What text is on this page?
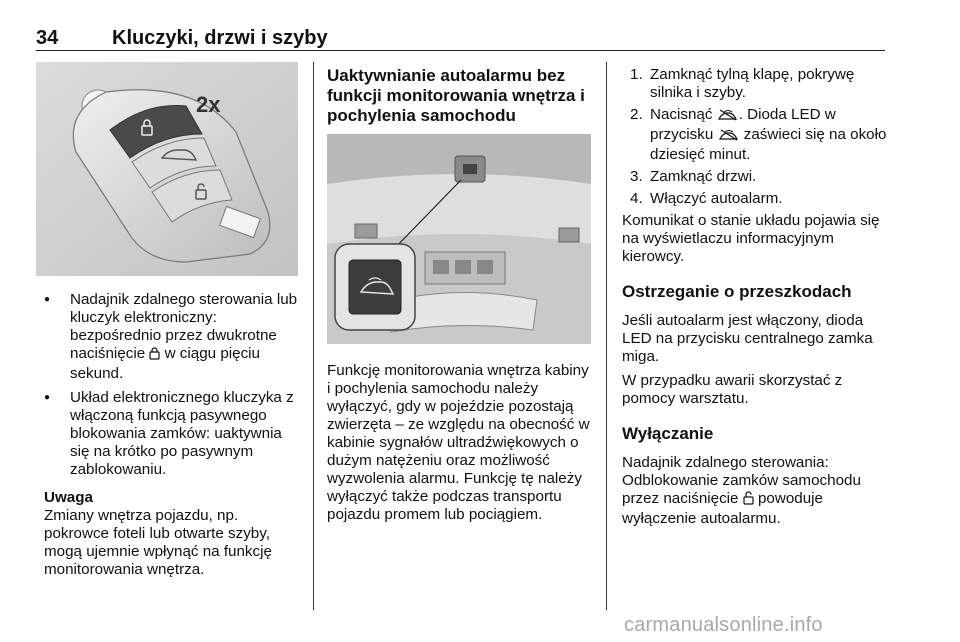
34	Kluczyki, drzwi i szyby
2x
● Nadajnik zdalnego sterowania lub kluczyk elektroniczny: bezpośrednio przez dwukrotne naciśnięcie w ciągu pięciu sekund.
● Układ elektronicznego kluczyka z włączoną funkcją pasywnego blokowania zamków: uaktywnia się na krótko po pasywnym zablokowaniu.

Uwaga
Zmiany wnętrza pojazdu, np. pokrowce foteli lub otwarte szyby, mogą ujemnie wpłynąć na funkcję monitorowania wnętrza.

Uaktywnianie autoalarmu bez funkcji monitorowania wnętrza i pochylenia samochodu

Funkcję monitorowania wnętrza kabiny i pochylenia samochodu należy wyłączyć, gdy w pojeździe pozostają zwierzęta – ze względu na obecność w kabinie sygnałów ultradźwiękowych o dużym natężeniu oraz możliwość wyzwolenia alarmu. Funkcję tę należy wyłączyć także podczas transportu pojazdu promem lub pociągiem.

1. Zamknąć tylną klapę, pokrywę silnika i szyby.
2. Nacisnąć . Dioda LED w przycisku zaświeci się na około dziesięć minut.
3. Zamknąć drzwi.
4. Włączyć autoalarm.

Komunikat o stanie układu pojawia się na wyświetlaczu informacyjnym kierowcy.

Ostrzeganie o przeszkodach

Jeśli autoalarm jest włączony, dioda LED na przycisku centralnego zamka miga.

W przypadku awarii skorzystać z pomocy warsztatu.

Wyłączanie

Nadajnik zdalnego sterowania: Odblokowanie zamków samochodu przez naciśnięcie powoduje wyłączenie autoalarmu.

carmanualsonline.info
